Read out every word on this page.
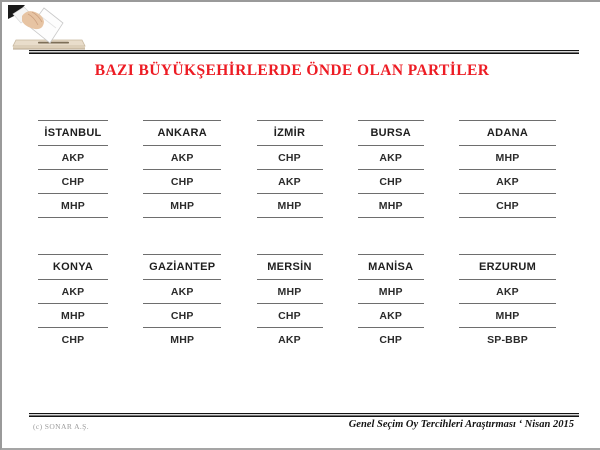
BAZI BÜYÜKŞEHİRLERDE ÖNDE OLAN PARTİLER
İSTANBUL
AKP
CHP
MHP
ANKARA
AKP
CHP
MHP
İZMİR
CHP
AKP
MHP
BURSA
AKP
CHP
MHP
ADANA
MHP
AKP
CHP
KONYA
AKP
MHP
CHP
GAZİANTEP
AKP
CHP
MHP
MERSİN
MHP
CHP
AKP
MANİSA
MHP
AKP
CHP
ERZURUM
AKP
MHP
SP-BBP
(c) SONAR A.Ş.	Genel Seçim Oy Tercihleri Araştırması ‘ Nisan 2015
